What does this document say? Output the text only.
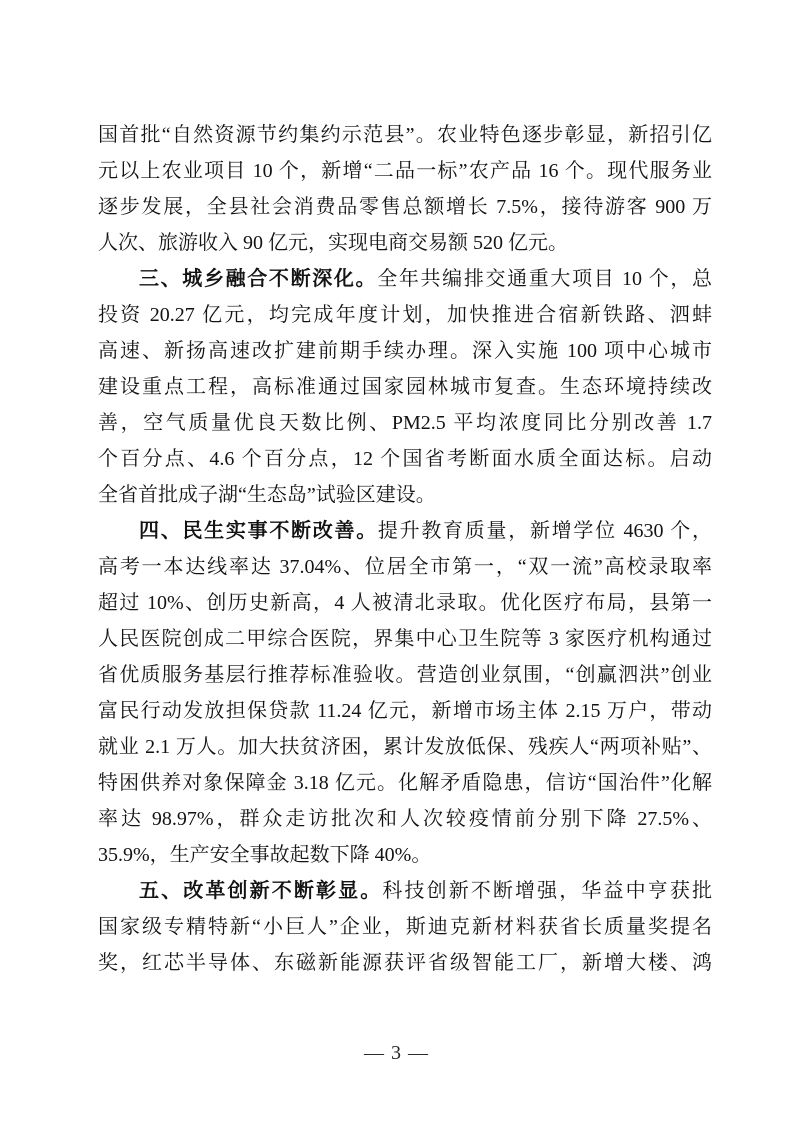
国首批“自然资源节约集约示范县”。农业特色逐步彰显，新招引亿
元以上农业项目 10 个，新增“二品一标”农产品 16 个。现代服务业
逐步发展，全县社会消费品零售总额增长 7.5%，接待游客 900 万
人次、旅游收入 90 亿元，实现电商交易额 520 亿元。
三、城乡融合不断深化。全年共编排交通重大项目 10 个，总
投资 20.27 亿元，均完成年度计划，加快推进合宿新铁路、泗蚌
高速、新扬高速改扩建前期手续办理。深入实施 100 项中心城市
建设重点工程，高标准通过国家园林城市复查。生态环境持续改
善，空气质量优良天数比例、PM2.5 平均浓度同比分别改善 1.7
个百分点、4.6 个百分点，12 个国省考断面水质全面达标。启动
全省首批成子湖“生态岛”试验区建设。
四、民生实事不断改善。提升教育质量，新增学位 4630 个，
高考一本达线率达 37.04%、位居全市第一，“双一流”高校录取率
超过 10%、创历史新高，4 人被清北录取。优化医疗布局，县第一
人民医院创成二甲综合医院，界集中心卫生院等 3 家医疗机构通过
省优质服务基层行推荐标准验收。营造创业氛围，“创赢泗洪”创业
富民行动发放担保贷款 11.24 亿元，新增市场主体 2.15 万户，带动
就业 2.1 万人。加大扶贫济困，累计发放低保、残疾人“两项补贴”、
特困供养对象保障金 3.18 亿元。化解矛盾隐患，信访“国治件”化解
率达 98.97%，群众走访批次和人次较疫情前分别下降 27.5%、
35.9%，生产安全事故起数下降 40%。
五、改革创新不断彰显。科技创新不断增强，华益中亨获批
国家级专精特新“小巨人”企业，斯迪克新材料获省长质量奖提名
奖，红芯半导体、东磁新能源获评省级智能工厂，新增大楼、鸿
— 3 —
